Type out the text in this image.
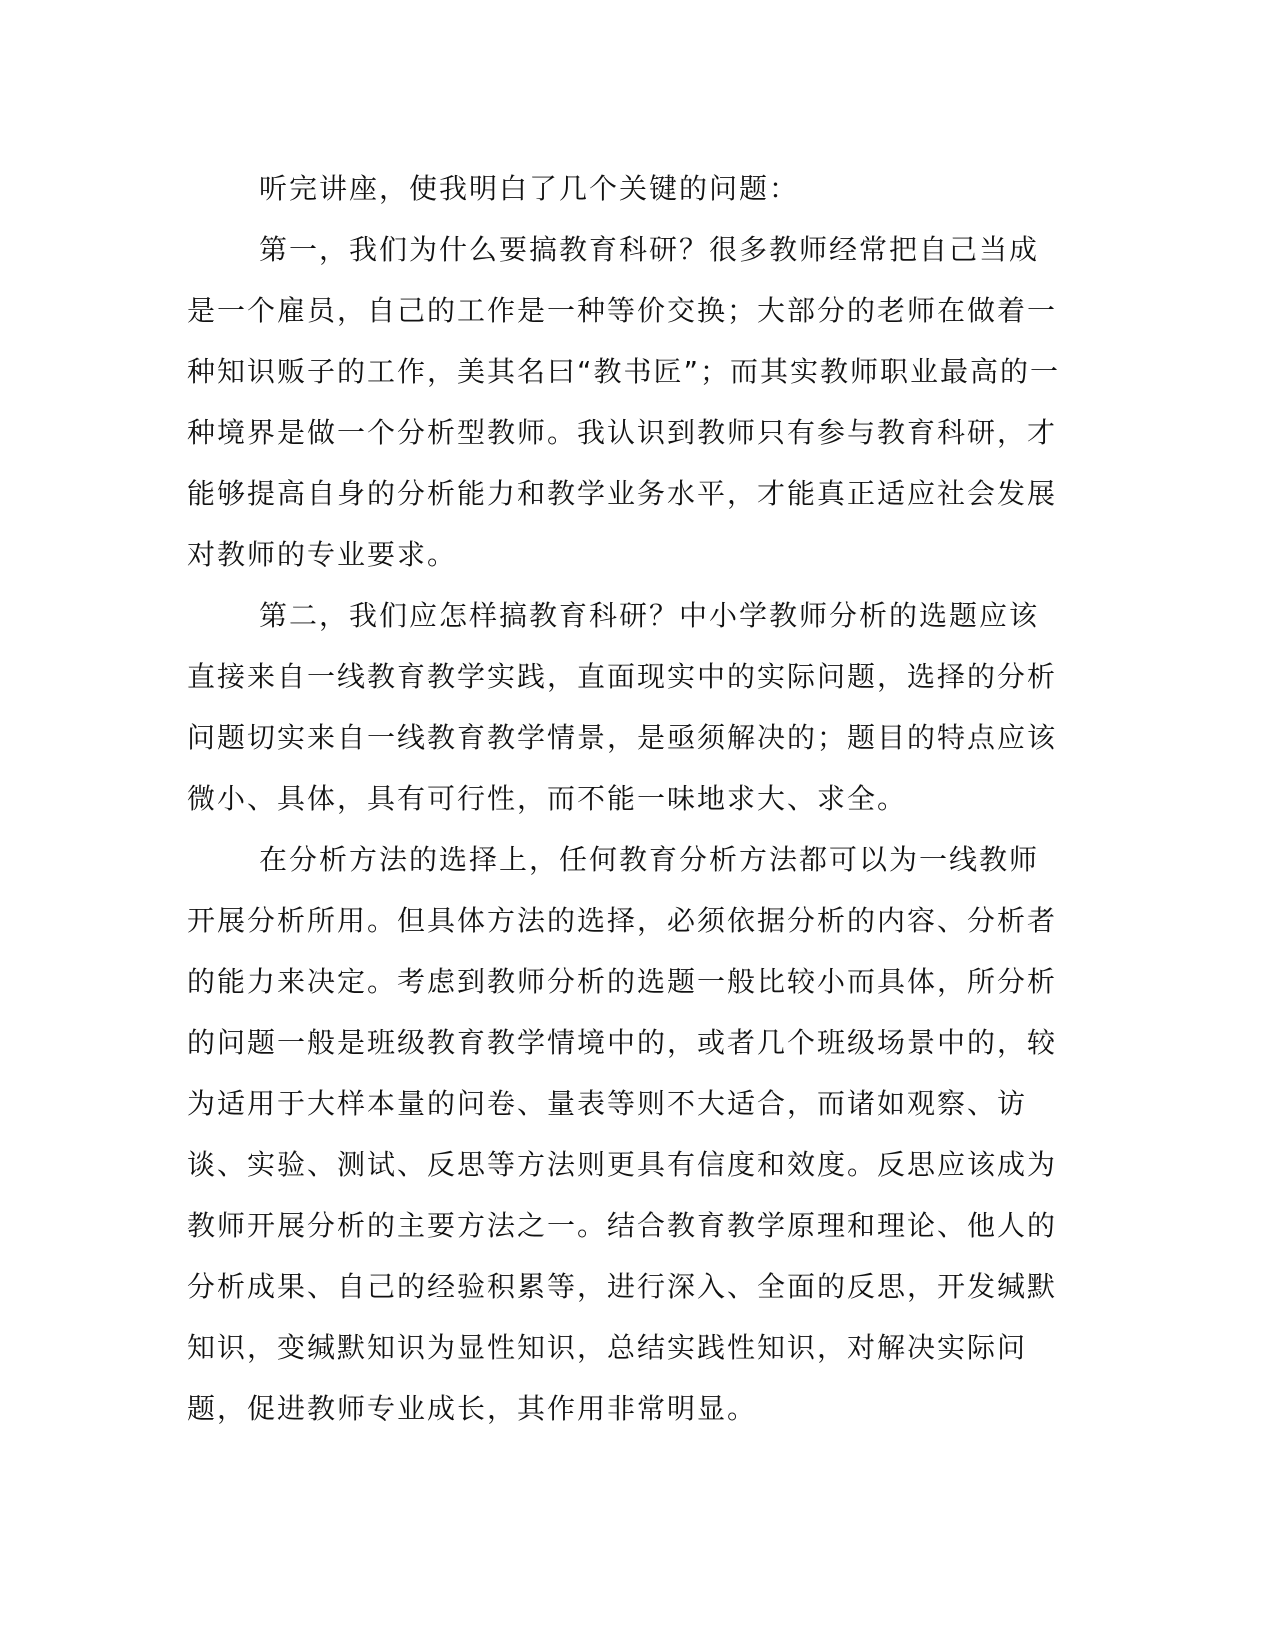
听完讲座，使我明白了几个关键的问题：

第一，我们为什么要搞教育科研？很多教师经常把自己当成是一个雇员，自己的工作是一种等价交换；大部分的老师在做着一种知识贩子的工作，美其名曰“教书匠”；而其实教师职业最高的一种境界是做一个分析型教师。我认识到教师只有参与教育科研，才能够提高自身的分析能力和教学业务水平，才能真正适应社会发展对教师的专业要求。

第二，我们应怎样搞教育科研？中小学教师分析的选题应该直接来自一线教育教学实践，直面现实中的实际问题，选择的分析问题切实来自一线教育教学情景，是亟须解决的；题目的特点应该微小、具体，具有可行性，而不能一味地求大、求全。

在分析方法的选择上，任何教育分析方法都可以为一线教师开展分析所用。但具体方法的选择，必须依据分析的内容、分析者的能力来决定。考虑到教师分析的选题一般比较小而具体，所分析的问题一般是班级教育教学情境中的，或者几个班级场景中的，较为适用于大样本量的问卷、量表等则不大适合，而诸如观察、访谈、实验、测试、反思等方法则更具有信度和效度。反思应该成为教师开展分析的主要方法之一。结合教育教学原理和理论、他人的分析成果、自己的经验积累等，进行深入、全面的反思，开发缄默知识，变缄默知识为显性知识，总结实践性知识，对解决实际问题，促进教师专业成长，其作用非常明显。
